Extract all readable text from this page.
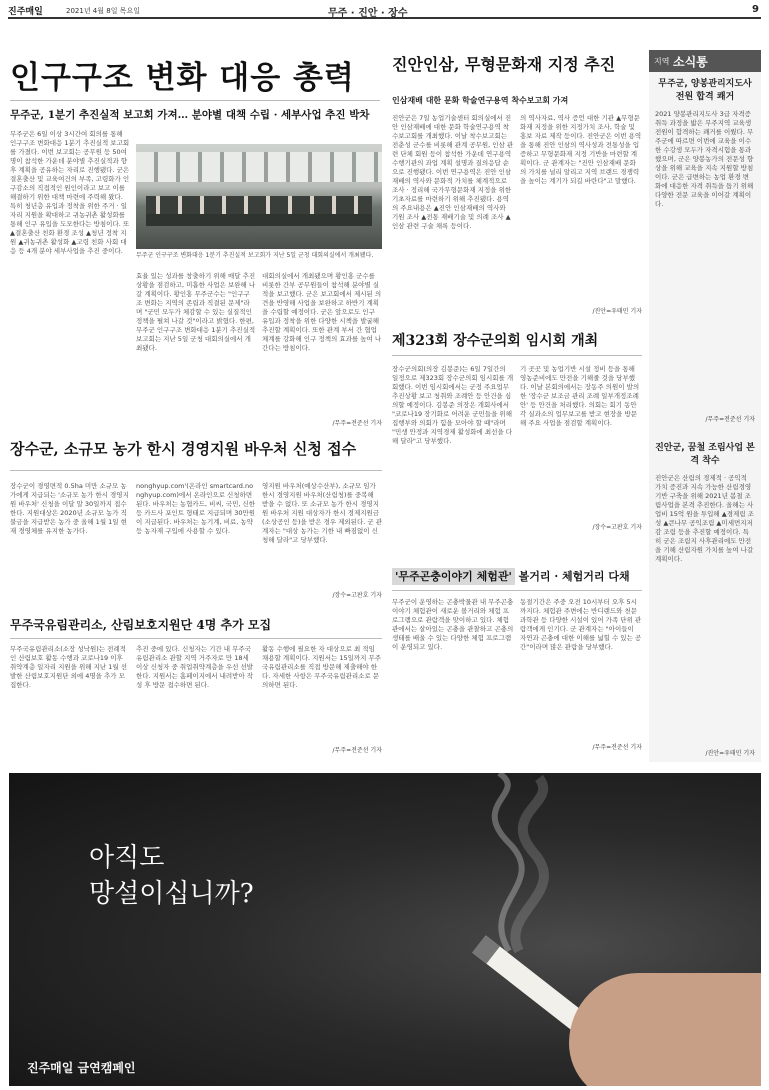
진주매일	2021년 4월 8일 목요일	무주 · 진안 · 장수	9
인구구조 변화 대응 총력
무주군, 1분기 추진실적 보고회 가져… 분야별 대책 수립 · 세부사업 추진 박차
무주군은 6일 이상 3시간여 회의를 통해 인구구조 변화대응 1분기 추진실적 보고회를 가졌다. 이번 보고회는 공무원 등 50여 명이 참석한 가운데 분야별 추진실적과 향후 계획을 공유하는 자리로 진행됐다. 군은 결혼출산 및 교육여건의 부족, 고령화가 인구감소의 직접적인 원인이라고 보고 이를 해결하기 위한 대책 마련에 주력해 왔다. 특히 청년층 유입과 정착을 위한 주거 · 일자리 지원을 확대하고 귀농귀촌 활성화를 통해 인구 유입을 도모한다는 방침이다. 또 ▲결혼출산 친화 환경 조성 ▲청년 정착 지원 ▲귀농귀촌 활성화 ▲고령 친화 사회 대응 등 4개 분야 세부사업을 추진 중이다.
무주군 인구구조 변화대응 1분기 추진실적 보고회가 지난 5일 군청 대회의실에서 개최됐다.
효율 있는 성과를 창출하기 위해 매달 추진상황을 점검하고, 미흡한 사업은 보완해 나갈 계획이다. 황인홍 무주군수는 "인구구조 변화는 지역의 존립과 직결된 문제"라며 "군민 모두가 체감할 수 있는 실질적인 정책을 펼쳐 나갈 것"이라고 밝혔다. 한편, 무주군 인구구조 변화대응 1분기 추진실적 보고회는 지난 5일 군청 대회의실에서 개최됐다.
대회의실에서 개최됐으며 황인홍 군수를 비롯한 간부 공무원들이 참석해 분야별 실적을 보고했다. 군은 보고회에서 제시된 의견을 반영해 사업을 보완하고 하반기 계획을 수립할 예정이다. 군은 앞으로도 인구 유입과 정착을 위한 다양한 시책을 발굴해 추진할 계획이다. 또한 관계 부서 간 협업 체계를 강화해 인구 정책의 효과를 높여 나간다는 방침이다.
/무주=전준선 기자
진안인삼, 무형문화재 지정 추진
인삼재배 대한 문화 학술연구용역 착수보고회 가져
진안군은 7일 농업기술센터 회의실에서 진안 인삼재배에 대한 문화 학술연구용역 착수보고회를 개최했다. 이날 착수보고회는 전춘성 군수를 비롯해 관계 공무원, 인삼 관련 단체 회원 등이 참석한 가운데 연구용역 수행기관의 과업 계획 설명과 질의응답 순으로 진행됐다. 이번 연구용역은 진안 인삼재배의 역사와 문화적 가치를 체계적으로 조사 · 정리해 국가무형문화재 지정을 위한 기초자료를 마련하기 위해 추진됐다. 용역의 주요내용은 ▲진안 인삼재배의 역사와 기원 조사 ▲전통 재배기술 및 의례 조사 ▲인삼 관련 구술 채록 등이다.
의 역사자료, 역사 증언 대한 기관 ▲무형문화재 지정을 위한 지정가치 조사, 학술 및 홍보 자료 제작 등이다. 진안군은 이번 용역을 통해 진안 인삼의 역사성과 전통성을 입증하고 무형문화재 지정 기반을 마련할 계획이다. 군 관계자는 "진안 인삼재배 문화의 가치를 널리 알리고 지역 브랜드 경쟁력을 높이는 계기가 되길 바란다"고 말했다.
/진안=우태민 기자
제323회 장수군의회 임시회 개최
장수군의회(의장 김봉준)는 6일 7일간의 일정으로 제323회 장수군의회 임시회를 개회했다. 이번 임시회에서는 군정 주요업무 추진상황 보고 청취와 조례안 등 안건을 심의할 예정이다. 김봉준 의장은 개회사에서 "코로나19 장기화로 어려운 군민들을 위해 집행부와 의회가 힘을 모아야 할 때"라며 "민생 안정과 지역경제 활성화에 최선을 다해 달라"고 당부했다.
기 곳곳 및 농업기반 시설 정비 등을 통해 영농준비에도 만전을 기해줄 것을 당부했다. 이날 본회의에서는 장동주 의원이 발의한 '장수군 보조금 관리 조례 일부개정조례안' 등 안건을 처리했다. 의회는 회기 동안 각 실과소의 업무보고를 받고 현장을 방문해 주요 사업을 점검할 계획이다.
/장수=고판호 기자
장수군, 소규모 농가 한시 경영지원 바우처 신청 접수
장수군이 경영면적 0.5ha 미만 소규모 농가에게 지급되는 '소규모 농가 한시 경영지원 바우처' 신청을 이달 말 30일까지 접수한다. 지원대상은 2020년 소규모 농가 직불금을 지급받은 농가 중 올해 1월 1일 현재 경영체를 유지한 농가다.
nonghyup.com'(온라인 smartcard.nonghyup.com)에서 온라인으로 신청하면 된다. 바우처는 농협카드, 비씨, 국민, 신한 등 카드사 포인트 형태로 지급되며 30만원이 지급된다. 바우처는 농기계, 비료, 농약 등 농자재 구입에 사용할 수 있다.
영지원 바우처(예상수산부), 소규모 임가 한시 경영지원 바우처(산림청)를 중복해 받을 수 없다. 또 소규모 농가 한시 경영지원 바우처 지원 대상자가 한시 경제지원금(소상공인 등)을 받은 경우 제외된다. 군 관계자는 "대상 농가는 기한 내 빠짐없이 신청해 달라"고 당부했다.
/장수=고판호 기자
무주국유림관리소, 산림보호지원단 4명 추가 모집
무주국유림관리소(소장 성낙원)는 전례적인 산림보호 활동 수행과 코로나19 이후 취약계층 일자리 지원을 위해 지난 1월 선발한 산림보호지원단 외에 4명을 추가 모집한다.
추진 중에 있다. 신청자는 기간 내 무주국유림관리소 관할 지역 거주자로 만 18세 이상 신청자 중 취업취약계층을 우선 선발한다. 지원서는 홈페이지에서 내려받아 작성 후 방문 접수하면 된다.
활동 수행에 필요한 자 대상으로 최 적임 채용할 계획이다. 지원서는 15일까지 무주국유림관리소를 직접 방문해 제출해야 한다. 자세한 사항은 무주국유림관리소로 문의하면 된다.
/무주=전준선 기자
'무주곤충이야기 체험관' 볼거리 · 체험거리 다채
무주군이 운영하는 곤충박물관 내 무주곤충이야기 체험관이 새로운 볼거리와 체험 프로그램으로 관람객을 맞이하고 있다. 체험관에서는 살아있는 곤충을 관찰하고 곤충의 생태를 배울 수 있는 다양한 체험 프로그램이 운영되고 있다.
동절기간은 주중 오전 10시부터 오후 5시까지다. 체험관 주변에는 반디랜드와 천문과학관 등 다양한 시설이 있어 가족 단위 관람객에게 인기다. 군 관계자는 "아이들이 자연과 곤충에 대한 이해를 넓힐 수 있는 공간"이라며 많은 관람을 당부했다.
/무주=전준선 기자
지역 소식통
무주군, 양봉관리지도사 전원 합격 쾌거
2021 양봉관리지도사 3급 자격증 취득 과정을 밟은 무주지역 교육생 전원이 합격하는 쾌거를 이뤘다. 무주군에 따르면 이번에 교육을 이수한 수강생 모두가 자격시험을 통과했으며, 군은 양봉농가의 전문성 향상을 위해 교육을 지속 지원할 방침이다. 군은 급변하는 농업 환경 변화에 대응한 자격 취득을 돕기 위해 다양한 전문 교육을 이어갈 계획이다.
/무주=전준선 기자
진안군, 꿈철 조림사업 본격 착수
진안군은 산림의 경제적 · 공익적 가치 증진과 지속 가능한 산림경영 기반 구축을 위해 2021년 봄철 조림사업을 본격 추진한다. 올해는 사업비 15억 원을 투입해 ▲경제림 조성 ▲큰나무 공익조림 ▲미세먼지저감 조림 등을 추진할 예정이다. 특히 군은 조림지 사후관리에도 만전을 기해 산림자원 가치를 높여 나갈 계획이다.
/진안=우태민 기자
아직도
망설이십니까?
진주매일 금연캠페인
